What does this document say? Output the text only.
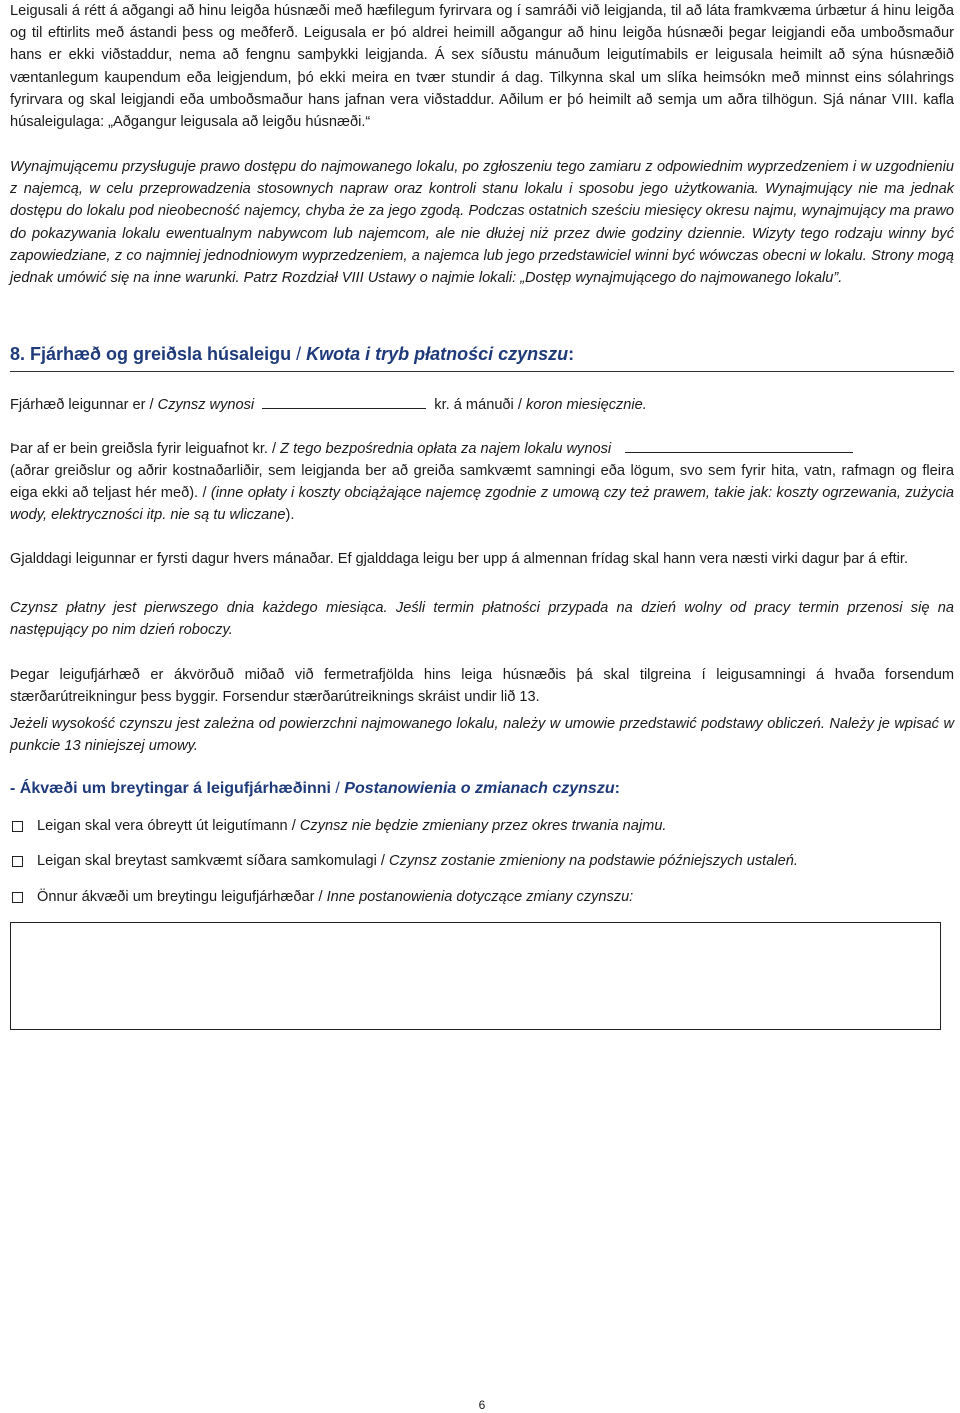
Leigusali á rétt á aðgangi að hinu leigða húsnæði með hæfilegum fyrirvara og í samráði við leigjanda, til að láta framkvæma úrbætur á hinu leigða og til eftirlits með ástandi þess og meðferð. Leigusala er þó aldrei heimill aðgangur að hinu leigða húsnæði þegar leigjandi eða umboðsmaður hans er ekki viðstaddur, nema að fengnu samþykki leigjanda. Á sex síðustu mánuðum leigutímabils er leigusala heimilt að sýna húsnæðið væntanlegum kaupendum eða leigjendum, þó ekki meira en tvær stundir á dag. Tilkynna skal um slíka heimsókn með minnst eins sólahrings fyrirvara og skal leigjandi eða umboðsmaður hans jafnan vera viðstaddur. Aðilum er þó heimilt að semja um aðra tilhögun. Sjá nánar VIII. kafla húsaleigulaga: „Aðgangur leigusala að leigðu húsnæði.“

Wynajmującemu przysługuje prawo dostępu do najmowanego lokalu, po zgłoszeniu tego zamiaru z odpowiednim wyprzedzeniem i w uzgodnieniu z najemcą, w celu przeprowadzenia stosownych napraw oraz kontroli stanu lokalu i sposobu jego użytkowania. Wynajmujący nie ma jednak dostępu do lokalu pod nieobecność najemcy, chyba że za jego zgodą. Podczas ostatnich sześciu miesięcy okresu najmu, wynajmujący ma prawo do pokazywania lokalu ewentualnym nabywcom lub najemcom, ale nie dłużej niż przez dwie godziny dziennie. Wizyty tego rodzaju winny być zapowiedziane, z co najmniej jednodniowym wyprzedzeniem, a najemca lub jego przedstawiciel winni być wówczas obecni w lokalu. Strony mogą jednak umówić się na inne warunki. Patrz Rozdział VIII Ustawy o najmie lokali: „Dostęp wynajmującego do najmowanego lokalu”.

8. Fjárhæð og greiðsla húsaleigu / Kwota i tryb płatności czynszu:
Fjárhæð leigunnar er / Czynsz wynosi	kr. á mánuði / koron miesięcznie.
Þar af er bein greiðsla fyrir leiguafnot kr. / Z tego bezpośrednia opłata za najem lokalu wynosi

(aðrar greiðslur og aðrir kostnaðarliðir, sem leigjanda ber að greiða samkvæmt samningi eða lögum, svo sem fyrir hita, vatn, rafmagn og fleira eiga ekki að teljast hér með). / (inne opłaty i koszty obciążające najemcę zgodnie z umową czy też prawem, takie jak: koszty ogrzewania, zużycia wody, elektryczności itp. nie są tu wliczane).

Gjalddagi leigunnar er fyrsti dagur hvers mánaðar. Ef gjalddaga leigu ber upp á almennan frídag skal hann vera næsti virki dagur þar á eftir.

Czynsz płatny jest pierwszego dnia każdego miesiąca. Jeśli termin płatności przypada na dzień wolny od pracy termin przenosi się na następujący po nim dzień roboczy.

Þegar leigufjárhæð er ákvörðuð miðað við fermetrafjölda hins leiga húsnæðis þá skal tilgreina í leigusamningi á hvaða forsendum stærðarútreikningur þess byggir. Forsendur stærðarútreiknings skráist undir lið 13.

Jeżeli wysokość czynszu jest zależna od powierzchni najmowanego lokalu, należy w umowie przedstawić podstawy obliczeń. Należy je wpisać w punkcie 13 niniejszej umowy.

- Ákvæði um breytingar á leigufjárhæðinni / Postanowienia o zmianach czynszu:
Leigan skal vera óbreytt út leigutímann /
Czynsz nie będzie zmieniany przez okres trwania najmu.
Leigan skal breytast samkvæmt síðara samkomulagi /
Czynsz zostanie zmieniony na podstawie późniejszych ustaleń.
Önnur ákvæði um breytingu leigufjárhæðar /
Inne postanowienia dotyczące zmiany czynszu:
6
